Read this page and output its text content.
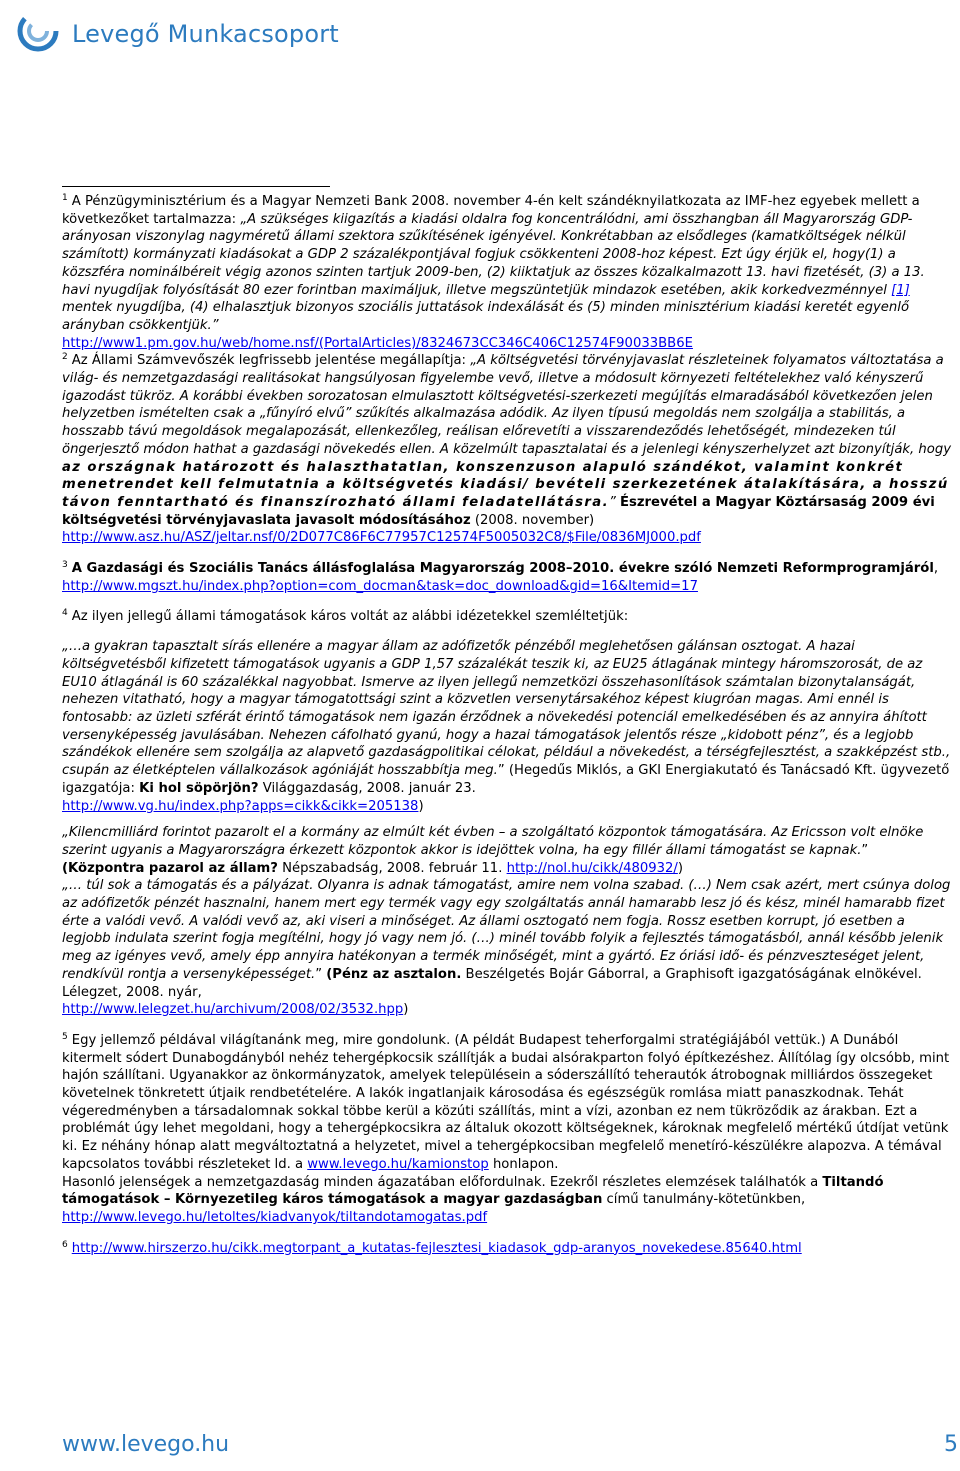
Levegő Munkacsoport

$^1$ A Pénzügyminisztérium és a Magyar Nemzeti Bank 2008. november 4-én kelt szándéknyilatkozata az IMF-hez egyebek mellett a következőket tartalmazza: „A szükséges kiigazítás a kiadási oldalra fog koncentrálódni, ami összhangban áll Magyarország GDP-arányosan viszonylag nagyméretű állami szektora szűkítésének igényével. Konkrétabban az elsődleges (kamatköltségek nélkül számított) kormányzati kiadásokat a GDP 2 százalékpontjával fogjuk csökkenteni 2008-hoz képest. Ezt úgy érjük el, hogy(1) a közszféra nominálbéreit végig azonos szinten tartjuk 2009-ben, (2) kiiktatjuk az összes közalkalmazott 13. havi fizetését, (3) a 13. havi nyugdíjak folyósítását 80 ezer forintban maximáljuk, illetve megszüntetjük mindazok esetében, akik korkedvezménnyel [1] mentek nyugdíjba, (4) elhalasztjuk bizonyos szociális juttatások indexálását és (5) minden minisztérium kiadási keretét egyenlő arányban csökkentjük.”
http://www1.pm.gov.hu/web/home.nsf/(PortalArticles)/8324673CC346C406C12574F90033BB6E

$^2$ Az Állami Számvevőszék legfrissebb jelentése megállapítja: „A költségvetési törvényjavaslat részleteinek folyamatos változtatása a világ- és nemzetgazdasági realitásokat hangsúlyosan figyelembe vevő, illetve a módosult környezeti feltételekhez való kényszerű igazodást tükröz. A korábbi években sorozatosan elmulasztott költségvetési-szerkezeti megújítás elmaradásából következően jelen helyzetben ismételten csak a „fűnyíró elvű” szűkítés alkalmazása adódik. Az ilyen típusú megoldás nem szolgálja a stabilitás, a hosszabb távú megoldások megalapozását, ellenkezőleg, reálisan előrevetíti a visszarendeződés lehetőségét, mindezeken túl öngerjesztő módon hathat a gazdasági növekedés ellen. A közelmúlt tapasztalatai és a jelenlegi kényszerhelyzet azt bizonyítják, hogy az országnak határozott és halaszthatatlan, konszenzuson alapuló szándékot, valamint konkrét menetrendet kell felmutatnia a költségvetés kiadási/ bevételi szerkezetének átalakítására, a hosszú távon fenntartható és finanszírozható állami feladatellátásra.” Észrevétel a Magyar Köztársaság 2009 évi költségvetési törvényjavaslata javasolt módosításához (2008. november)
http://www.asz.hu/ASZ/jeltar.nsf/0/2D077C86F6C77957C12574F5005032C8/$File/0836MJ000.pdf

$^3$ A Gazdasági és Szociális Tanács állásfoglalása Magyarország 2008–2010. évekre szóló Nemzeti Reformprogramjáról,
http://www.mgszt.hu/index.php?option=com_docman&task=doc_download&gid=16&Itemid=17

$^4$ Az ilyen jellegű állami támogatások káros voltát az alábbi idézetekkel szemléltetjük:

„…a gyakran tapasztalt sírás ellenére a magyar állam az adófizetők pénzéből meglehetősen gálánsan osztogat. A hazai költségvetésből kifizetett támogatások ugyanis a GDP 1,57 százalékát teszik ki, az EU25 átlagának mintegy háromszorosát, de az EU10 átlagánál is 60 százalékkal nagyobbat. Ismerve az ilyen jellegű nemzetközi összehasonlítások számtalan bizonytalanságát, nehezen vitatható, hogy a magyar támogatottsági szint a közvetlen versenytársakéhoz képest kiugróan magas. Ami ennél is fontosabb: az üzleti szférát érintő támogatások nem igazán érződnek a növekedési potenciál emelkedésében és az annyira áhított versenyképesség javulásában. Nehezen cáfolható gyanú, hogy a hazai támogatások jelentős része „kidobott pénz”, és a legjobb szándékok ellenére sem szolgálja az alapvető gazdaságpolitikai célokat, például a növekedést, a térségfejlesztést, a szakképzést stb., csupán az életképtelen vállalkozások agóniáját hosszabbítja meg.” (Hegedűs Miklós, a GKI Energiakutató és Tanácsadó Kft. ügyvezető igazgatója: Ki hol söpörjön? Világgazdaság, 2008. január 23.
http://www.vg.hu/index.php?apps=cikk&cikk=205138)

„Kilencmilliárd forintot pazarolt el a kormány az elmúlt két évben – a szolgáltató központok támogatására. Az Ericsson volt elnöke szerint ugyanis a Magyarországra érkezett központok akkor is idejöttek volna, ha egy fillér állami támogatást se kapnak.” (Központra pazarol az állam? Népszabadság, 2008. február 11. http://nol.hu/cikk/480932/)
„… túl sok a támogatás és a pályázat. Olyanra is adnak támogatást, amire nem volna szabad. (…) Nem csak azért, mert csúnya dolog az adófizetők pénzét hasznalni, hanem mert egy termék vagy egy szolgáltatás annál hamarabb lesz jó és kész, minél hamarabb fizet érte a valódi vevő. A valódi vevő az, aki viseri a minőséget. Az állami osztogató nem fogja. Rossz esetben korrupt, jó esetben a legjobb indulata szerint fogja megítélni, hogy jó vagy nem jó. (…) minél tovább folyik a fejlesztés támogatásból, annál később jelenik meg az igényes vevő, amely épp annyira hatékonyan a termék minőségét, mint a gyártó. Ez óriási idő- és pénzveszteséget jelent, rendkívül rontja a versenyképességet.” (Pénz az asztalon. Beszélgetés Bojár Gáborral, a Graphisoft igazgatóságának elnökével. Lélegzet, 2008. nyár,
http://www.lelegzet.hu/archivum/2008/02/3532.hpp)

$^5$ Egy jellemző példával világítanánk meg, mire gondolunk. (A példát Budapest teherforgalmi stratégiájából vettük.) A Dunából kitermelt sódert Dunabogdányból nehéz tehergépkocsik szállítják a budai alsórakparton folyó építkezéshez. Állítólag így olcsóbb, mint hajón szállítani. Ugyanakkor az önkormányzatok, amelyek településein a sóderszállító teherautók átrobognak milliárdos összegeket követelnek tönkretett útjaik rendbetételére. A lakók ingatlanjaik károsodása és egészségük romlása miatt panaszkodnak. Tehát végeredményben a társadalomnak sokkal többe kerül a közúti szállítás, mint a vízi, azonban ez nem tükröződik az árakban. Ezt a problémát úgy lehet megoldani, hogy a tehergépkocsikra az általuk okozott költségeknek, károknak megfelelő mértékű útdíjat vetünk ki. Ez néhány hónap alatt megváltoztatná a helyzetet, mivel a tehergépkocsiban megfelelő menetíró-készülékre alapozva. A témával kapcsolatos további részleteket ld. a www.levego.hu/kamionstop honlapon.

Hasonló jelenségek a nemzetgazdaság minden ágazatában előfordulnak. Ezekről részletes elemzések találhatók a Tiltandó támogatások – Környezetileg káros támogatások a magyar gazdaságban című tanulmány-kötetünkben,
http://www.levego.hu/letoltes/kiadvanyok/tiltandotamogatas.pdf

$^6$ http://www.hirszerzo.hu/cikk.megtorpant_a_kutatas-fejlesztesi_kiadasok_gdp-aranyos_novekedese.85640.html

www.levego.hu	5
